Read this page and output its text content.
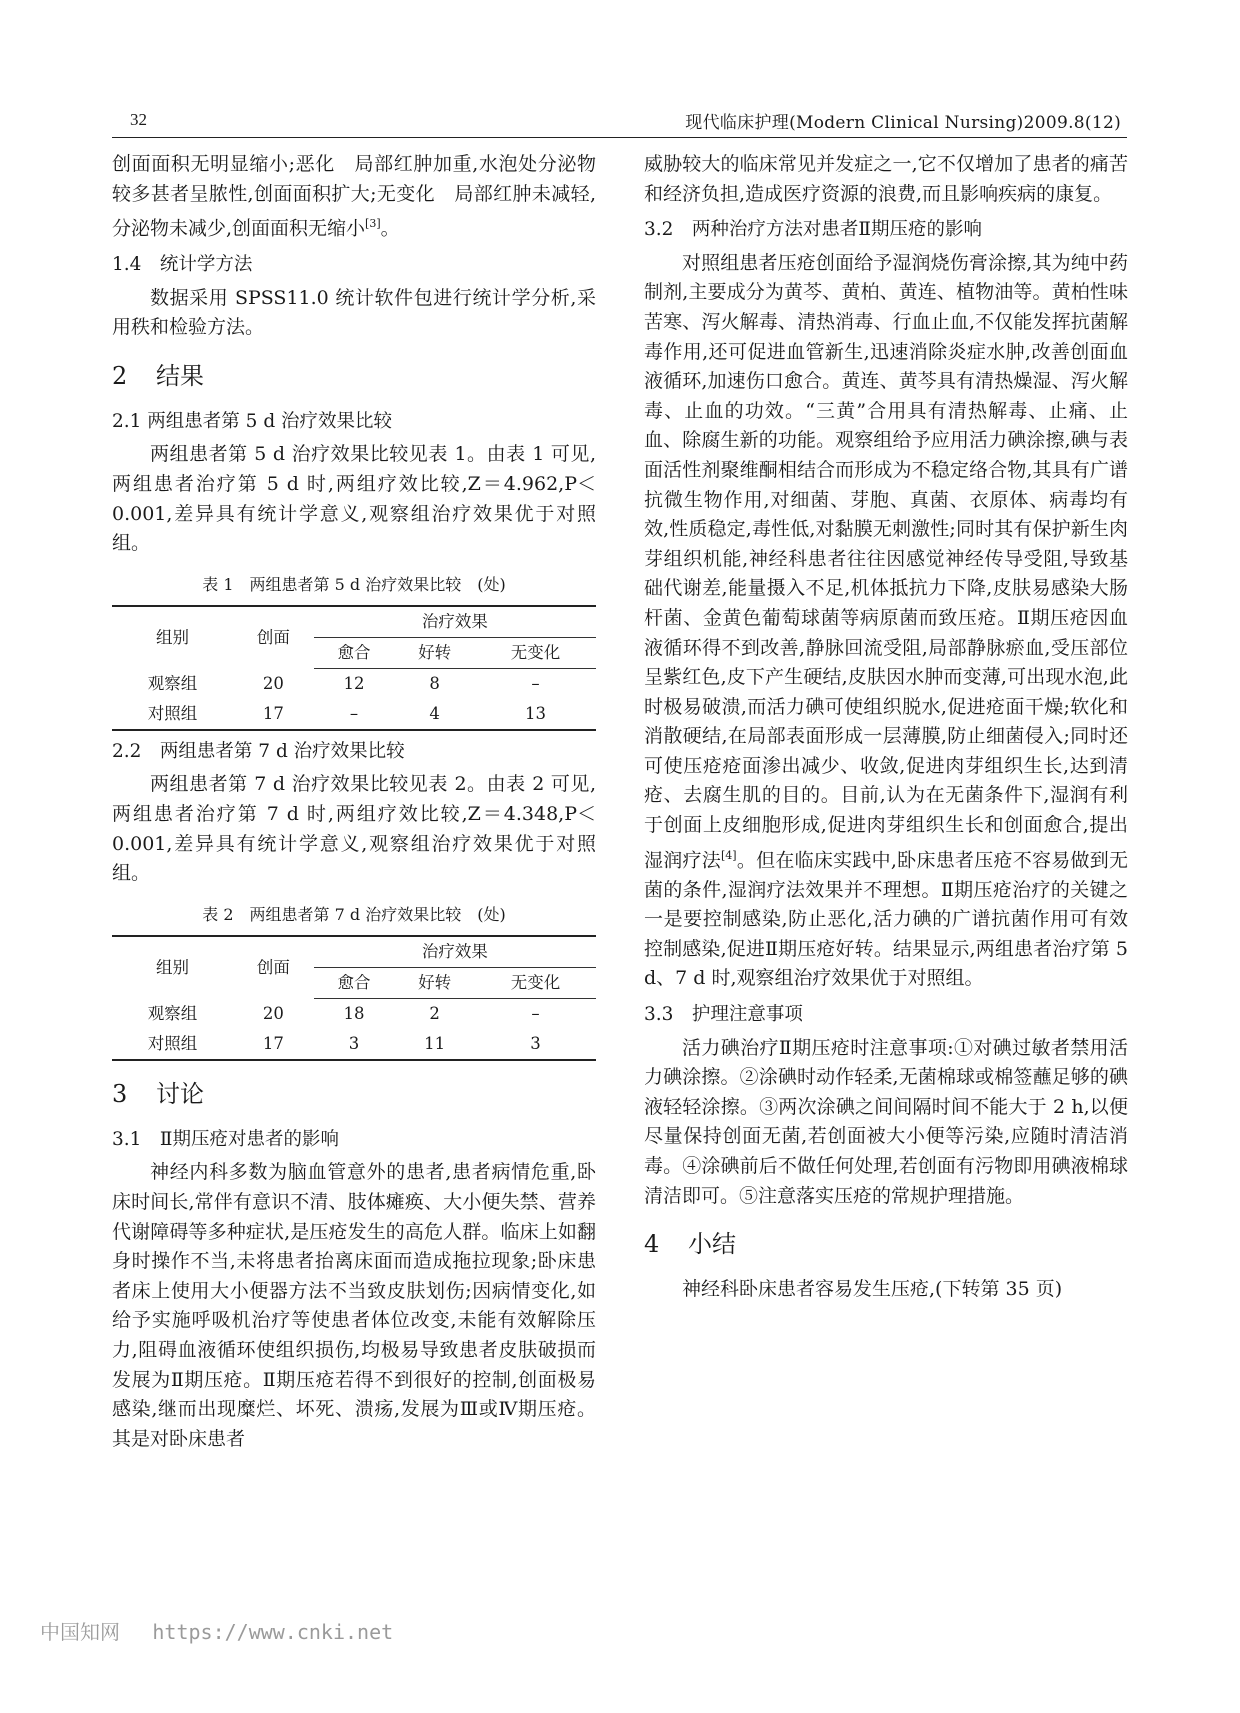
32	现代临床护理(Modern Clinical Nursing)2009.8(12)

创面面积无明显缩小;恶化　局部红肿加重,水泡处分泌物较多甚者呈脓性,创面面积扩大;无变化　局部红肿未减轻,分泌物未减少,创面面积无缩小[3]。

1.4　统计学方法

数据采用 SPSS11.0 统计软件包进行统计学分析,采用秩和检验方法。

2 结果
2.1 两组患者第 5 d 治疗效果比较

两组患者第 5 d 治疗效果比较见表 1。由表 1 可见,两组患者治疗第 5 d 时,两组疗效比较,Z＝4.962,P＜0.001,差异具有统计学意义,观察组治疗效果优于对照组。

表 1　两组患者第 5 d 治疗效果比较　(处)
组别	创面	治疗效果		
		愈合	好转	无变化
观察组	20	12	8	–
对照组	17	–	4	13
2.2　两组患者第 7 d 治疗效果比较

两组患者第 7 d 治疗效果比较见表 2。由表 2 可见,两组患者治疗第 7 d 时,两组疗效比较,Z＝4.348,P＜0.001,差异具有统计学意义,观察组治疗效果优于对照组。

表 2　两组患者第 7 d 治疗效果比较　(处)
组别	创面	治疗效果		
		愈合	好转	无变化
观察组	20	18	2	–
对照组	17	3	11	3
3 讨论
3.1　Ⅱ期压疮对患者的影响

神经内科多数为脑血管意外的患者,患者病情危重,卧床时间长,常伴有意识不清、肢体瘫痪、大小便失禁、营养代谢障碍等多种症状,是压疮发生的高危人群。临床上如翻身时操作不当,未将患者抬离床面而造成拖拉现象;卧床患者床上使用大小便器方法不当致皮肤划伤;因病情变化,如给予实施呼吸机治疗等使患者体位改变,未能有效解除压力,阻碍血液循环使组织损伤,均极易导致患者皮肤破损而发展为Ⅱ期压疮。Ⅱ期压疮若得不到很好的控制,创面极易感染,继而出现糜烂、坏死、溃疡,发展为Ⅲ或Ⅳ期压疮。其是对卧床患者

威胁较大的临床常见并发症之一,它不仅增加了患者的痛苦和经济负担,造成医疗资源的浪费,而且影响疾病的康复。

3.2　两种治疗方法对患者Ⅱ期压疮的影响

对照组患者压疮创面给予湿润烧伤膏涂擦,其为纯中药制剂,主要成分为黄芩、黄柏、黄连、植物油等。黄柏性味苦寒、泻火解毒、清热消毒、行血止血,不仅能发挥抗菌解毒作用,还可促进血管新生,迅速消除炎症水肿,改善创面血液循环,加速伤口愈合。黄连、黄芩具有清热燥湿、泻火解毒、止血的功效。“三黄”合用具有清热解毒、止痛、止血、除腐生新的功能。观察组给予应用活力碘涂擦,碘与表面活性剂聚维酮相结合而形成为不稳定络合物,其具有广谱抗微生物作用,对细菌、芽胞、真菌、衣原体、病毒均有效,性质稳定,毒性低,对黏膜无刺激性;同时其有保护新生肉芽组织机能,神经科患者往往因感觉神经传导受阻,导致基础代谢差,能量摄入不足,机体抵抗力下降,皮肤易感染大肠杆菌、金黄色葡萄球菌等病原菌而致压疮。Ⅱ期压疮因血液循环得不到改善,静脉回流受阻,局部静脉瘀血,受压部位呈紫红色,皮下产生硬结,皮肤因水肿而变薄,可出现水泡,此时极易破溃,而活力碘可使组织脱水,促进疮面干燥;软化和消散硬结,在局部表面形成一层薄膜,防止细菌侵入;同时还可使压疮疮面渗出减少、收敛,促进肉芽组织生长,达到清疮、去腐生肌的目的。目前,认为在无菌条件下,湿润有利于创面上皮细胞形成,促进肉芽组织生长和创面愈合,提出湿润疗法[4]。但在临床实践中,卧床患者压疮不容易做到无菌的条件,湿润疗法效果并不理想。Ⅱ期压疮治疗的关键之一是要控制感染,防止恶化,活力碘的广谱抗菌作用可有效控制感染,促进Ⅱ期压疮好转。结果显示,两组患者治疗第 5 d、7 d 时,观察组治疗效果优于对照组。

3.3　护理注意事项

活力碘治疗Ⅱ期压疮时注意事项:①对碘过敏者禁用活力碘涂擦。②涂碘时动作轻柔,无菌棉球或棉签蘸足够的碘液轻轻涂擦。③两次涂碘之间间隔时间不能大于 2 h,以便尽量保持创面无菌,若创面被大小便等污染,应随时清洁消毒。④涂碘前后不做任何处理,若创面有污物即用碘液棉球清洁即可。⑤注意落实压疮的常规护理措施。

4 小结

神经科卧床患者容易发生压疮,(下转第 35 页)

中国知网 https://www.cnki.net
